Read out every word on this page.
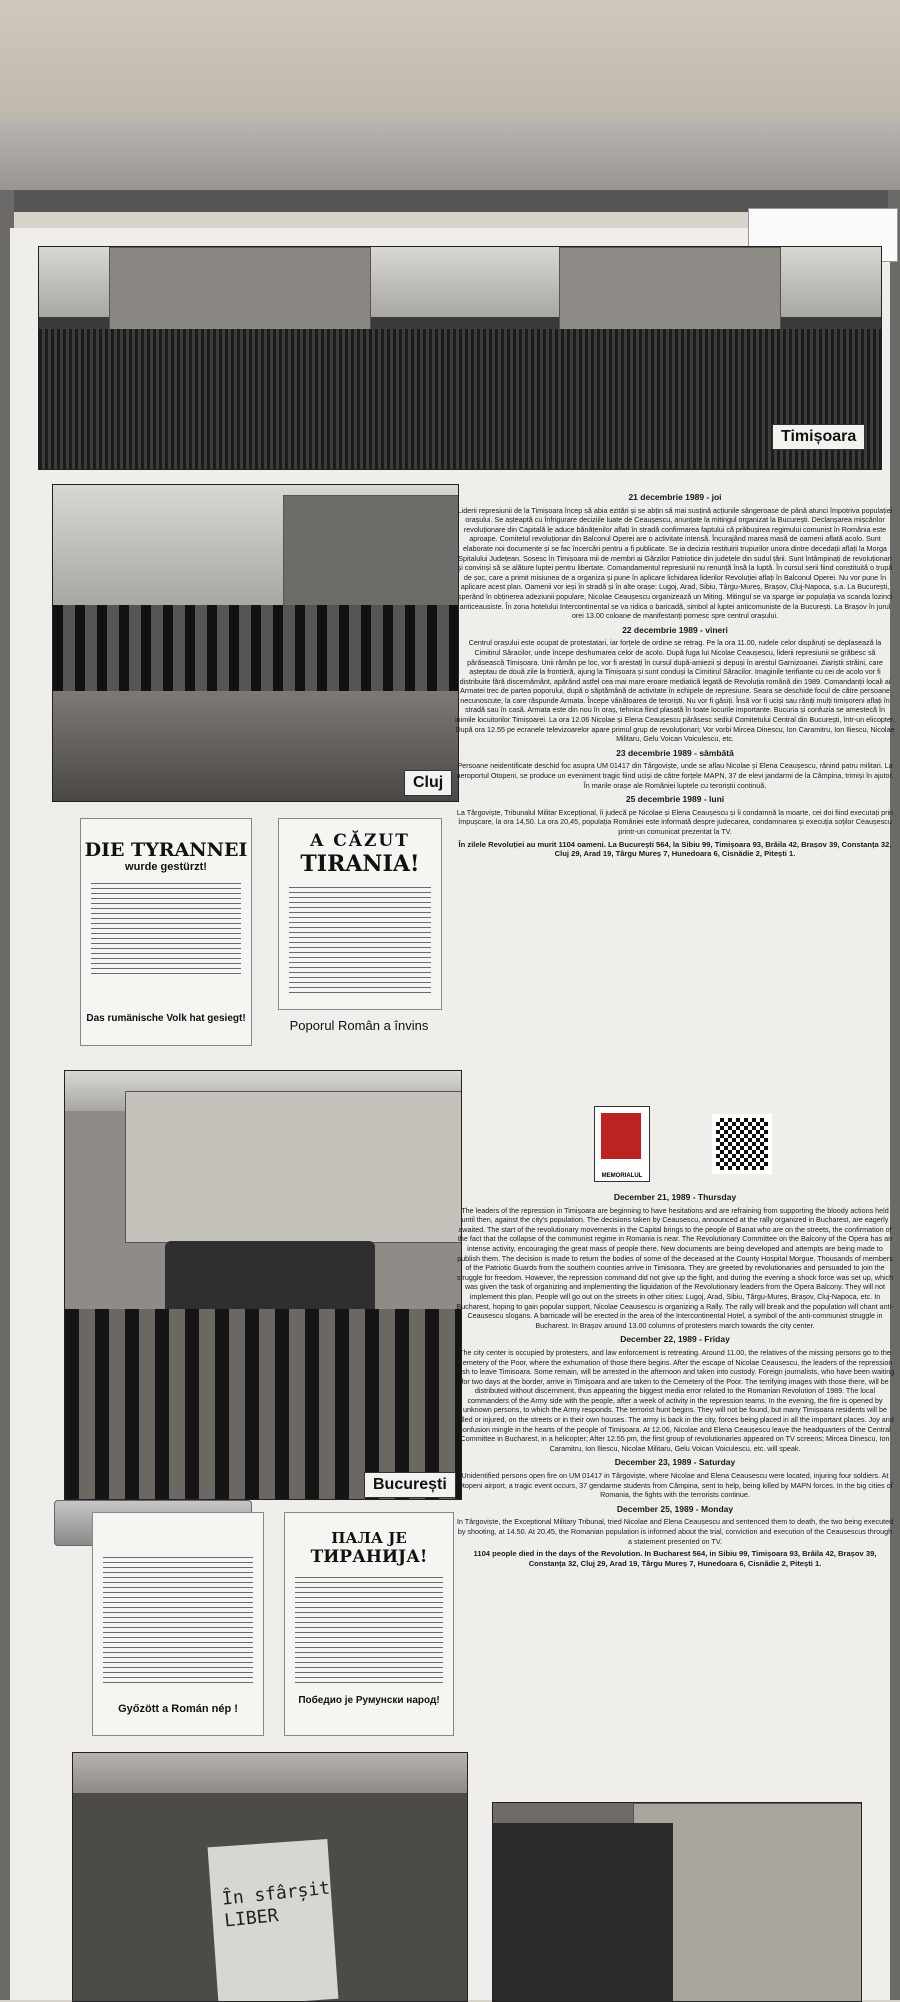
Timișoara
Cluj
DIE TYRANNEI
wurde gestürzt!
Das rumänische Volk hat gesiegt!
A CĂZUT
TIRANIA!
Poporul Român a învins
București
Győzött a Román nép !
ПАЛА ЈЕ
ТИРАНИЈА!
Победио је Румунски народ!
În sfârșit LIBER
21 decembrie 1989 - joi

Liderii represiunii de la Timișoara încep să abia ezitări și se abțin să mai susțină acțiunile sângeroase de până atunci împotriva populației orașului. Se așteaptă cu înfrigurare deciziile luate de Ceaușescu, anunțate la mitingul organizat la București. Declanșarea mișcărilor revoluționare din Capitală le aduce bănățenilor aflați în stradă confirmarea faptului că prăbușirea regimului comunist în România este aproape. Comitetul revoluționar din Balconul Operei are o activitate intensă. Încurajând marea masă de oameni aflată acolo. Sunt elaborate noi documente și se fac încercări pentru a fi publicate. Se ia decizia restituirii trupurilor unora dintre decedații aflați la Morga Spitalului Județean. Sosesc în Timișoara mii de membri ai Gărzilor Patriotice din județele din sudul țării. Sunt întâmpinați de revoluționari și convinși să se alăture luptei pentru libertate. Comandamentul represiunii nu renunță însă la luptă. În cursul serii fiind constituită o trupă de șoc, care a primit misiunea de a organiza și pune în aplicare lichidarea liderilor Revoluției aflați în Balconul Operei. Nu vor pune în aplicare acest plan. Oamenii vor ieși în stradă și în alte orașe: Lugoj, Arad, Sibiu, Târgu-Mureș, Brașov, Cluj-Napoca, ș.a. La București, sperând în obținerea adeziunii populare, Nicolae Ceaușescu organizează un Miting. Mitingul se va sparge iar populația va scanda lozinci anticeausiste. În zona hotelului Intercontinental se va ridica o baricadă, simbol al luptei anticomuniste de la București. La Brașov în jurul orei 13.00 coloane de manifestanți pornesc spre centrul orașului.

22 decembrie 1989 - vineri

Centrul orașului este ocupat de protestatari, iar forțele de ordine se retrag. Pe la ora 11.00, rudele celor dispăruți se deplasează la Cimitirul Săracilor, unde începe deshumarea celor de acolo. După fuga lui Nicolae Ceaușescu, liderii represiunii se grăbesc să părăsească Timișoara. Unii rămân pe loc, vor fi arestați în cursul după-amiezii și depuși în arestul Garnizoanei. Ziariștii străini, care așteptau de două zile la frontieră, ajung la Timișoara și sunt conduși la Cimitirul Săracilor. Imaginile terifiante cu cei de acolo vor fi distribuite fără discernământ, apărând astfel cea mai mare eroare mediatică legată de Revoluția română din 1989. Comandanții locali ai Armatei trec de partea poporului, după o săptămână de activitate în echipele de represiune. Seara se deschide focul de către persoane necunoscute, la care răspunde Armata. Începe vânătoarea de teroriști. Nu vor fi găsiți. Însă vor fi uciși sau răniți mulți timișoreni aflați în stradă sau în casă. Armata este din nou în oraș, tehnica fiind plasată în toate locurile importante. Bucuria și confuzia se amestecă în inimile locuitorilor Timișoarei. La ora 12.06 Nicolae și Elena Ceaușescu părăsesc sediul Comitetului Central din București, într-un elicopter. După ora 12.55 pe ecranele televizoarelor apare primul grup de revoluționari; Vor vorbi Mircea Dinescu, Ion Caramitru, Ion Iliescu, Nicolae Militaru, Gelu Voican Voiculescu, etc.

23 decembrie 1989 - sâmbătă

Persoane neidentificate deschid foc asupra UM 01417 din Târgoviște, unde se aflau Nicolae și Elena Ceaușescu, rănind patru militari. La aeroportul Otopeni, se produce un eveniment tragic fiind uciși de către forțele MAPN, 37 de elevi jandarmi de la Câmpina, trimiși în ajutor. În marile orașe ale României luptele cu teroriștii continuă.

25 decembrie 1989 - luni

La Târgoviște, Tribunalul Militar Excepțional, îi judecă pe Nicolae și Elena Ceaușescu și îi condamnă la moarte, cei doi fiind executați prin împușcare, la ora 14,50. La ora 20,45, populația României este informată despre judecarea, condamnarea și execuția soților Ceaușescu printr-un comunicat prezentat la TV.

În zilele Revoluției au murit 1104 oameni. La București 564, la Sibiu 99, Timișoara 93, Brăila 42, Brașov 39, Constanța 32, Cluj 29, Arad 19, Târgu Mureș 7, Hunedoara 6, Cisnădie 2, Pitești 1.

MEMORIALUL
December 21, 1989 - Thursday

The leaders of the repression in Timișoara are beginning to have hesitations and are refraining from supporting the bloody actions held until then, against the city's population. The decisions taken by Ceausescu, announced at the rally organized in Bucharest, are eagerly awaited. The start of the revolutionary movements in the Capital brings to the people of Banat who are on the streets, the confirmation of the fact that the collapse of the communist regime in Romania is near. The Revolutionary Committee on the Balcony of the Opera has an intense activity, encouraging the great mass of people there. New documents are being developed and attempts are being made to publish them. The decision is made to return the bodies of some of the deceased at the County Hospital Morgue. Thousands of members of the Patriotic Guards from the southern counties arrive in Timisoara. They are greeted by revolutionaries and persuaded to join the struggle for freedom. However, the repression command did not give up the fight, and during the evening a shock force was set up, which was given the task of organizing and implementing the liquidation of the Revolutionary leaders from the Opera Balcony. They will not implement this plan. People will go out on the streets in other cities: Lugoj, Arad, Sibiu, Târgu-Mureș, Brașov, Cluj-Napoca, etc. In Bucharest, hoping to gain popular support, Nicolae Ceausescu is organizing a Rally. The rally will break and the population will chant anti-Ceausescu slogans. A barricade will be erected in the area of the Intercontinental Hotel, a symbol of the anti-communist struggle in Bucharest. In Brașov around 13.00 columns of protesters march towards the city center.

December 22, 1989 - Friday

The city center is occupied by protesters, and law enforcement is retreating. Around 11.00, the relatives of the missing persons go to the Cemetery of the Poor, where the exhumation of those there begins. After the escape of Nicolae Ceausescu, the leaders of the repression rush to leave Timisoara. Some remain, will be arrested in the afternoon and taken into custody. Foreign journalists, who have been waiting for two days at the border, arrive in Timișoara and are taken to the Cemetery of the Poor. The terrifying images with those there, will be distributed without discernment, thus appearing the biggest media error related to the Romanian Revolution of 1989. The local commanders of the Army side with the people, after a week of activity in the repression teams. In the evening, the fire is opened by unknown persons, to which the Army responds. The terrorist hunt begins. They will not be found, but many Timișoara residents will be killed or injured, on the streets or in their own houses. The army is back in the city, forces being placed in all the important places. Joy and confusion mingle in the hearts of the people of Timișoara. At 12.06, Nicolae and Elena Ceaușescu leave the headquarters of the Central Committee in Bucharest, in a helicopter; After 12.55 pm, the first group of revolutionaries appeared on TV screens; Mircea Dinescu, Ion Caramitru, Ion Iliescu, Nicolae Militaru, Gelu Voican Voiculescu, etc. will speak.

December 23, 1989 - Saturday

Unidentified persons open fire on UM 01417 in Târgoviște, where Nicolae and Elena Ceausescu were located, injuring four soldiers. At Otopeni airport, a tragic event occurs, 37 gendarme students from Câmpina, sent to help, being killed by MAPN forces. In the big cities of Romania, the fights with the terrorists continue.

December 25, 1989 - Monday

In Târgoviște, the Exceptional Military Tribunal, tried Nicolae and Elena Ceaușescu and sentenced them to death, the two being executed by shooting, at 14.50. At 20.45, the Romanian population is informed about the trial, conviction and execution of the Ceausescus through a statement presented on TV.

1104 people died in the days of the Revolution. In Bucharest 564, in Sibiu 99, Timișoara 93, Brăila 42, Brașov 39, Constanța 32, Cluj 29, Arad 19, Târgu Mureș 7, Hunedoara 6, Cisnădie 2, Pitești 1.
